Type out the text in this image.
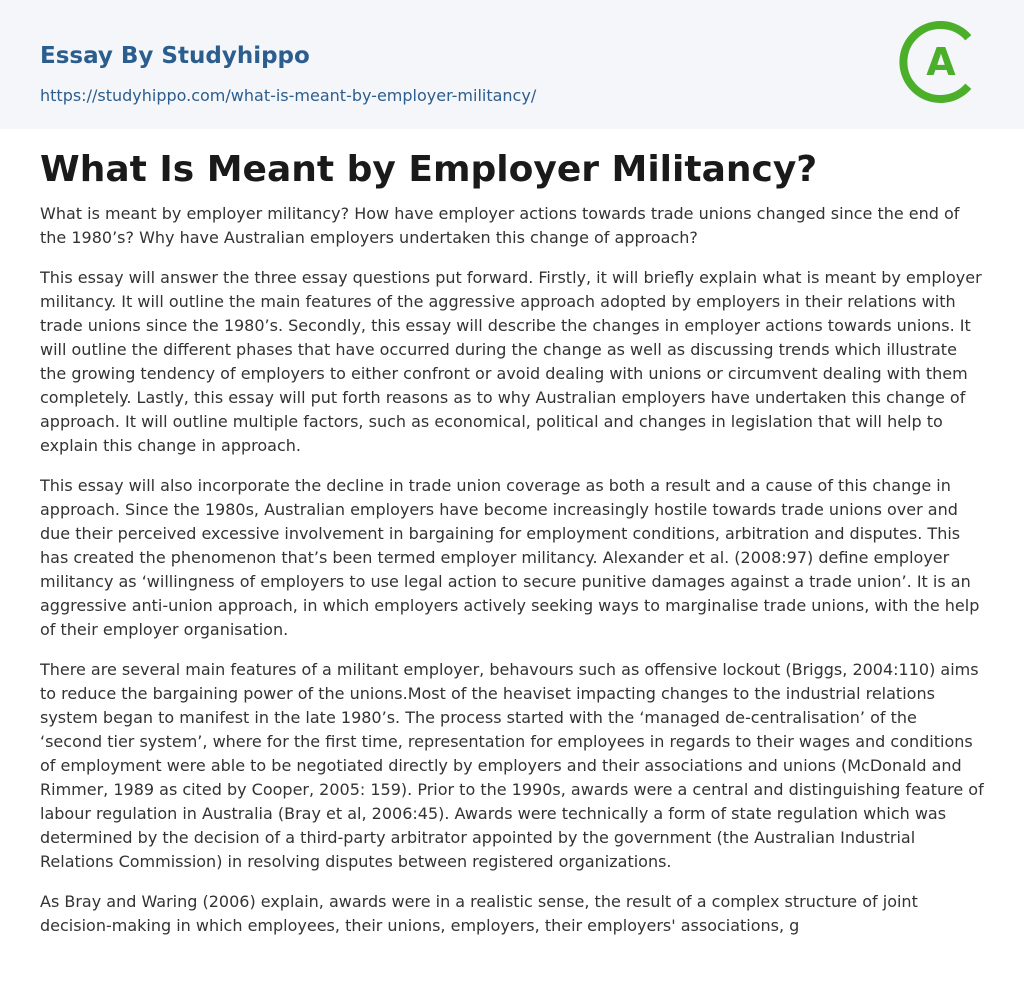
Essay By Studyhippo
https://studyhippo.com/what-is-meant-by-employer-militancy/
A
What Is Meant by Employer Militancy?

What is meant by employer militancy? How have employer actions towards trade unions changed since the end of the 1980’s? Why have Australian employers undertaken this change of approach?

This essay will answer the three essay questions put forward. Firstly, it will briefly explain what is meant by employer militancy. It will outline the main features of the aggressive approach adopted by employers in their relations with trade unions since the 1980’s. Secondly, this essay will describe the changes in employer actions towards unions. It will outline the different phases that have occurred during the change as well as discussing trends which illustrate the growing tendency of employers to either confront or avoid dealing with unions or circumvent dealing with them completely. Lastly, this essay will put forth reasons as to why Australian employers have undertaken this change of approach. It will outline multiple factors, such as economical, political and changes in legislation that will help to explain this change in approach.

This essay will also incorporate the decline in trade union coverage as both a result and a cause of this change in approach. Since the 1980s, Australian employers have become increasingly hostile towards trade unions over and due their perceived excessive involvement in bargaining for employment conditions, arbitration and disputes. This has created the phenomenon that’s been termed employer militancy. Alexander et al. (2008:97) define employer militancy as ‘willingness of employers to use legal action to secure punitive damages against a trade union’. It is an aggressive anti-union approach, in which employers actively seeking ways to marginalise trade unions, with the help of their employer organisation.

There are several main features of a militant employer, behavours such as offensive lockout (Briggs, 2004:110) aims to reduce the bargaining power of the unions.Most of the heaviset impacting changes to the industrial relations system began to manifest in the late 1980’s. The process started with the ‘managed de-centralisation’ of the ‘second tier system’, where for the first time, representation for employees in regards to their wages and conditions of employment were able to be negotiated directly by employers and their associations and unions (McDonald and Rimmer, 1989 as cited by Cooper, 2005: 159). Prior to the 1990s, awards were a central and distinguishing feature of labour regulation in Australia (Bray et al, 2006:45). Awards were technically a form of state regulation which was determined by the decision of a third-party arbitrator appointed by the government (the Australian Industrial Relations Commission) in resolving disputes between registered organizations.

As Bray and Waring (2006) explain, awards were in a realistic sense, the result of a complex structure of joint decision-making in which employees, their unions, employers, their employers' associations, g
